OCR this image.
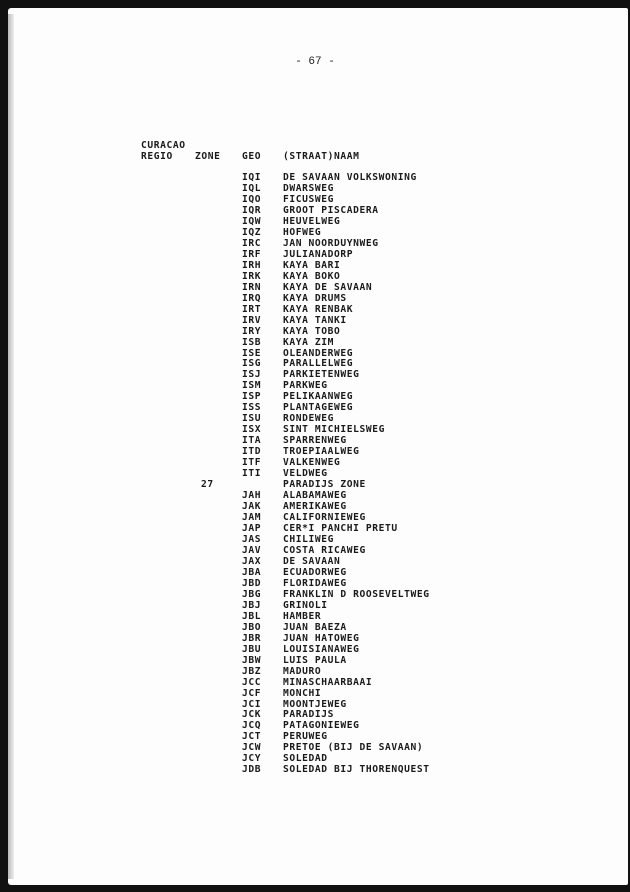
- 67 -
CURACAO
REGIO ZONE GEO (STRAAT)NAAM
IQI DE SAVAAN VOLKSWONING
IQL DWARSWEG
IQO FICUSWEG
IQR GROOT PISCADERA
IQW HEUVELWEG
IQZ HOFWEG
IRC JAN NOORDUYNWEG
IRF JULIANADORP
IRH KAYA BARI
IRK KAYA BOKO
IRN KAYA DE SAVAAN
IRQ KAYA DRUMS
IRT KAYA RENBAK
IRV KAYA TANKI
IRY KAYA TOBO
ISB KAYA ZIM
ISE OLEANDERWEG
ISG PARALLELWEG
ISJ PARKIETENWEG
ISM PARKWEG
ISP PELIKAANWEG
ISS PLANTAGEWEG
ISU RONDEWEG
ISX SINT MICHIELSWEG
ITA SPARRENWEG
ITD TROEPIAALWEG
ITF VALKENWEG
ITI VELDWEG
27	PARADIJS ZONE
JAH ALABAMAWEG
JAK AMERIKAWEG
JAM CALIFORNIEWEG
JAP CER*I PANCHI PRETU
JAS CHILIWEG
JAV COSTA RICAWEG
JAX DE SAVAAN
JBA ECUADORWEG
JBD FLORIDAWEG
JBG FRANKLIN D ROOSEVELTWEG
JBJ GRINOLI
JBL HAMBER
JBO JUAN BAEZA
JBR JUAN HATOWEG
JBU LOUISIANAWEG
JBW LUIS PAULA
JBZ MADURO
JCC MINASCHAARBAAI
JCF MONCHI
JCI MOONTJEWEG
JCK PARADIJS
JCQ PATAGONIEWEG
JCT PERUWEG
JCW PRETOE (BIJ DE SAVAAN)
JCY SOLEDAD
JDB SOLEDAD BIJ THORENQUEST
